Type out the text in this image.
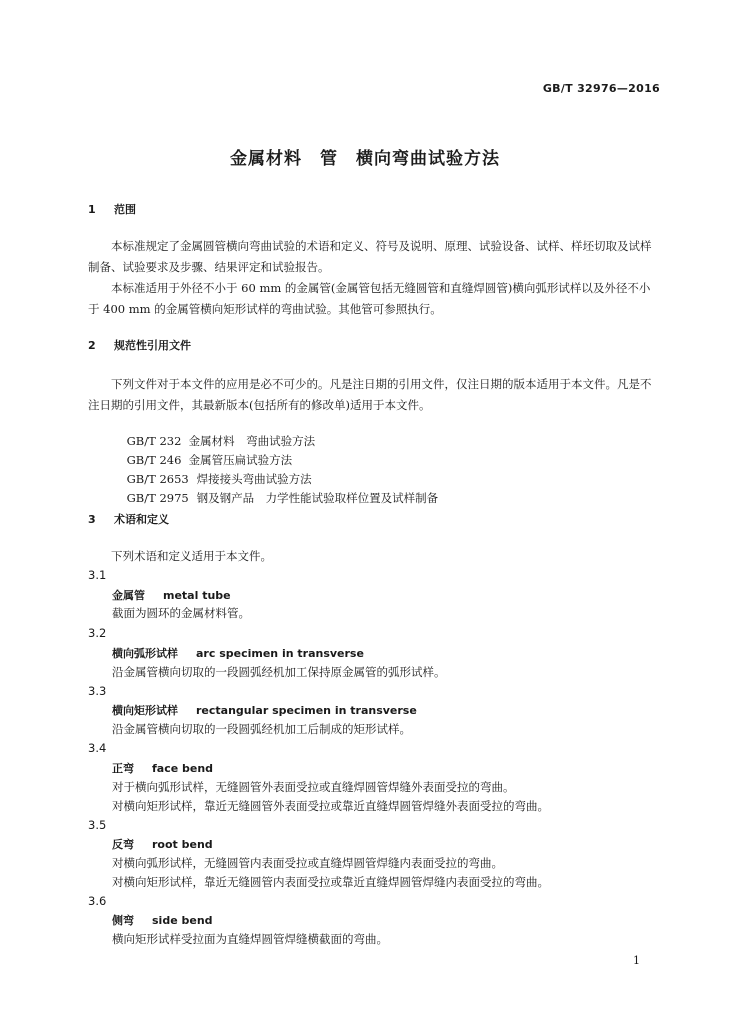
GB/T 32976—2016
金属材料　管　横向弯曲试验方法
1 范围
本标准规定了金属圆管横向弯曲试验的术语和定义、符号及说明、原理、试验设备、试样、样坯切取及试样制备、试验要求及步骤、结果评定和试验报告。
本标准适用于外径不小于 60 mm 的金属管(金属管包括无缝圆管和直缝焊圆管)横向弧形试样以及外径不小于 400 mm 的金属管横向矩形试样的弯曲试验。其他管可参照执行。
2 规范性引用文件
下列文件对于本文件的应用是必不可少的。凡是注日期的引用文件，仅注日期的版本适用于本文件。凡是不注日期的引用文件，其最新版本(包括所有的修改单)适用于本文件。

GB/T 232 金属材料　弯曲试验方法

GB/T 246 金属管压扁试验方法

GB/T 2653 焊接接头弯曲试验方法

GB/T 2975 钢及钢产品　力学性能试验取样位置及试样制备

3 术语和定义
下列术语和定义适用于本文件。
3.1
金属管 metal tube
截面为圆环的金属材料管。
3.2
横向弧形试样 arc specimen in transverse
沿金属管横向切取的一段圆弧经机加工保持原金属管的弧形试样。
3.3
横向矩形试样 rectangular specimen in transverse
沿金属管横向切取的一段圆弧经机加工后制成的矩形试样。
3.4
正弯 face bend
对于横向弧形试样，无缝圆管外表面受拉或直缝焊圆管焊缝外表面受拉的弯曲。
对横向矩形试样，靠近无缝圆管外表面受拉或靠近直缝焊圆管焊缝外表面受拉的弯曲。
3.5
反弯 root bend
对横向弧形试样，无缝圆管内表面受拉或直缝焊圆管焊缝内表面受拉的弯曲。
对横向矩形试样，靠近无缝圆管内表面受拉或靠近直缝焊圆管焊缝内表面受拉的弯曲。
3.6
侧弯 side bend
横向矩形试样受拉面为直缝焊圆管焊缝横截面的弯曲。
1
